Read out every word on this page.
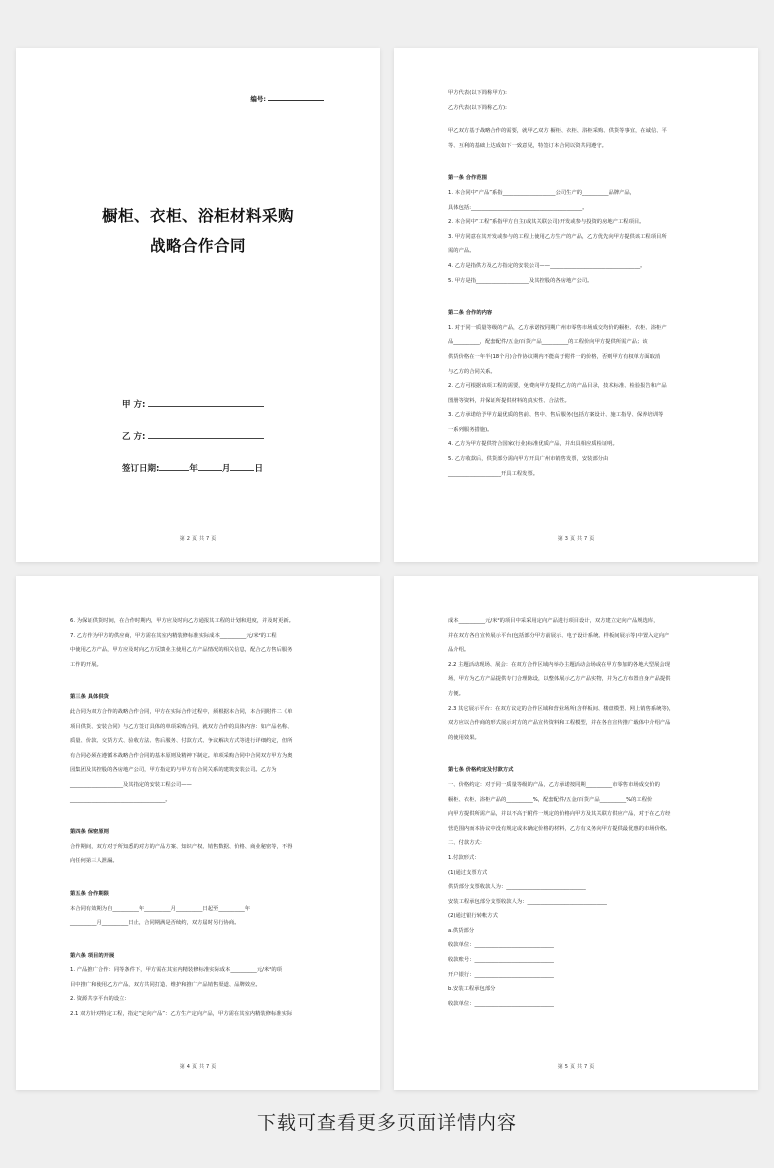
编号:
橱柜、衣柜、浴柜材料采购
战略合作合同
甲 方:
乙 方:
签订日期:	年	月	日
第 2 页 共 7 页

甲方代表(以下简称甲方):

乙方代表(以下简称乙方):

甲乙双方基于战略合作的需要，就甲乙双方 橱柜、衣柜、浴柜采购、供货等事宜，在诚信、平

等、互利的基础上达成如下一致意见，特签订本合同以资共同遵守。

第一条 合作范围

1. 本合同中“产品”系指____________________公司生产的__________品牌产品，

具体包括:__________________________________________。

2. 本合同中“工程”系指甲方自主(或其关联公司)开发或参与投资的房地产工程项目。

3. 甲方同意在其开发或参与的工程上使用乙方生产的产品，乙方优先向甲方提供该工程项目所

需的产品。

4. 乙方是指供方及乙方指定的安装公司——__________________________________。

5. 甲方是指____________________及其控股的各房地产公司。

第二条 合作的内容

1. 对于同一质量等级的产品，乙方承诺按同期广州市零售市场成交均价的橱柜、衣柜、浴柜产

品__________，配套配件/五金/百货产品__________的工程价向甲方提供所需产品；该

供货价格在一年半(18个月)合作协议期内不能高于附件一的价格，否则甲方有权单方面取消

与乙方的合同关系。

2. 乙方可根据该项工程的需要，免费向甲方提供乙方的产品目录，技术标准、检验报告和产品

图册等资料，并保证所提供材料的真实性、合法性。

3. 乙方承诺给予甲方最优质的售前、售中、售后服务(包括方案设计、施工指导、保养培训等

一系列服务措施)。

4. 乙方为甲方提供符合国家(行业)标准优质产品，并出具相应质检证明。

5. 乙方收款后，供货部分需向甲方开具广州市销售发票，安装部分由

____________________开具工程发票。

第 3 页 共 7 页

6. 为保证供货时间，在合作时期内，甲方应及时向乙方通报其工程的计划和进度，并及时更新。

7. 乙方作为甲方的供应商，甲方需在其室内精装修标准实际成本__________元/米²的工程

中使用乙方产品，甲方应及时向乙方反馈业主使用乙方产品情况的相关信息，配合乙方售后服务

工作的开展。

第三条 具体供货

此合同为双方合作的战略合作合同，甲方在实际合作过程中，须根据本合同，本合同附件二《单

项目供货、安装合同》与乙方签订具体的单项采购合同，就双方合作的具体内容：如产品名称、

质量、价款、交货方式、验收方法、售后服务、付款方式、争议解决方式等进行详细约定，但所

有合同必须在遵循本战略合作合同的基本原则及精神下制定。单项采购合同中合同双方甲方为奥

园集团及其控股的各房地产公司，甲方指定的与甲方有合同关系的建筑安装公司。乙方为

____________________及其指定的安装工程公司——

____________________________________。

第四条 保密原则

合作期间，双方对于所知悉的对方的产品方案、知识产权、销售数据、价格、商业秘密等，不得

向任何第三人泄漏。

第五条 合作期限

本合同有效期为自__________年__________月__________日起至__________年

__________月__________日止，合同期满是否续约，双方届时另行协商。

第六条 项目的开展

1. 产品推广合作：同等条件下，甲方需在其室内精装修标准实际成本__________元/米²的项

目中推广和使用乙方产品，双方共同打造、维护和推广产品销售渠道、品牌效应。

2. 资源共享平台的设立：

2.1 双方针对特定工程，指定“定向产品”：乙方生产定向产品，甲方需在其室内精装修标准实际

第 4 页 共 7 页

成本__________元/米²的项目中采采用定向产品进行项目设计，双方建立定向产品规选库，

并在双方各自宣传展示平台(包括部分甲方前展示、电子设计系统、样板间展示等)中置入定向产

品介绍。

2.2 主题活动现场、展会：在双方合作区域内举办主题活动会场或在甲方参加的各地大型展会现

场，甲方为乙方产品提供专门合理陈设，以整体展示乙方产品实物，并为乙方布置自身产品提供

方便。

2.3 其它展示平台：在双方议定的合作区域和营业场所(含样板间、楼盘模型、网上销售系统等)，

双方应以合作商的形式展示对方的产品宣传资料和工程模型，并在各自宣传推广载体中介绍产品

的使用效果。

第七条 价格约定及付款方式

一、价格约定：对于同一质量等级的产品，乙方承诺按同期__________市零售市场成交价的

橱柜、衣柜、浴柜产品的__________%，配套配件/五金/百货产品__________%的工程价

向甲方提供所需产品，并以不高于附件一规定的价格向甲方及其关联方供应产品，对于在乙方经

营范围内而本协议中没有规定或未确定价格的材料，乙方有义务向甲方提供最优惠的市场价格。

二、付款方式：

1.付款形式：

(1)通过支票方式

供货部分支票收款人为：______________________________

安装工程承包部分支票收款人为：______________________________

(2)通过银行转帐方式

a.供货部分

收款单位：______________________________

收款账号：______________________________

开户银行：______________________________

b.安装工程承包部分

收款单位：______________________________

第 5 页 共 7 页
下载可查看更多页面详情内容
